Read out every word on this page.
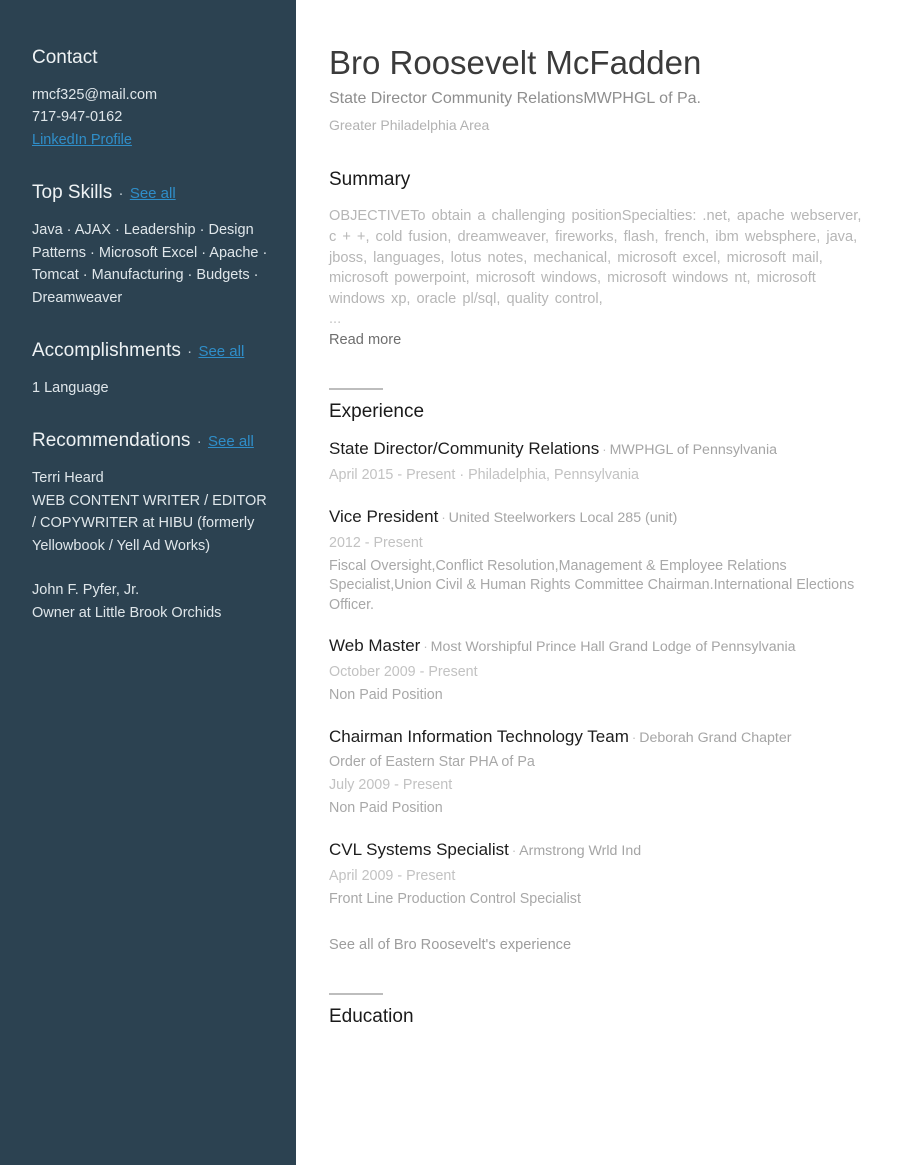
Contact
rmcf325@mail.com
717-947-0162
LinkedIn Profile
Top Skills · See all
Java · AJAX · Leadership · Design Patterns · Microsoft Excel · Apache · Tomcat · Manufacturing · Budgets · Dreamweaver
Accomplishments · See all
1 Language
Recommendations · See all
Terri Heard
WEB CONTENT WRITER / EDITOR / COPYWRITER at HIBU (formerly Yellowbook / Yell Ad Works)
John F. Pyfer, Jr.
Owner at Little Brook Orchids
Bro Roosevelt McFadden
State Director Community RelationsMWPHGL of Pa.
Greater Philadelphia Area
Summary

OBJECTIVETo obtain a challenging positionSpecialties: .net, apache webserver, c + +, cold fusion, dreamweaver, fireworks, flash, french, ibm websphere, java, jboss, languages, lotus notes, mechanical, microsoft excel, microsoft mail, microsoft powerpoint, microsoft windows, microsoft windows nt, microsoft windows xp, oracle pl/sql, quality control,

...

Read more

Experience
State Director/Community Relations · MWPHGL of Pennsylvania
April 2015 - Present · Philadelphia, Pennsylvania
Vice President · United Steelworkers Local 285 (unit)
2012 - Present
Fiscal Oversight,Conflict Resolution,Management & Employee Relations Specialist,Union Civil & Human Rights Committee Chairman.International Elections Officer.
Web Master · Most Worshipful Prince Hall Grand Lodge of Pennsylvania
October 2009 - Present
Non Paid Position
Chairman Information Technology Team · Deborah Grand Chapter
Order of Eastern Star PHA of Pa
July 2009 - Present
Non Paid Position
CVL Systems Specialist · Armstrong Wrld Ind
April 2009 - Present
Front Line Production Control Specialist

See all of Bro Roosevelt's experience

Education
